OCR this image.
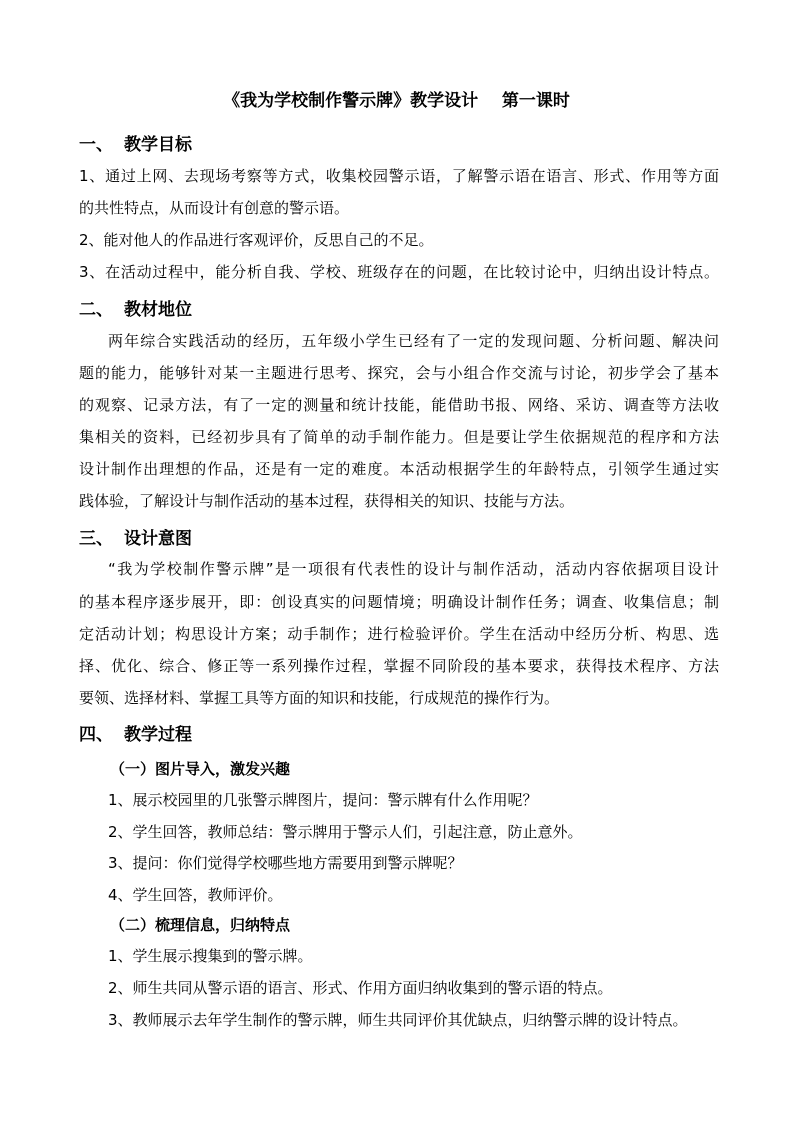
《我为学校制作警示牌》教学设计    第一课时
一、 教学目标
1、通过上网、去现场考察等方式，收集校园警示语，了解警示语在语言、形式、作用等方面
的共性特点，从而设计有创意的警示语。
2、能对他人的作品进行客观评价，反思自己的不足。
3、在活动过程中，能分析自我、学校、班级存在的问题，在比较讨论中，归纳出设计特点。
二、 教材地位
两年综合实践活动的经历，五年级小学生已经有了一定的发现问题、分析问题、解决问
题的能力，能够针对某一主题进行思考、探究，会与小组合作交流与讨论，初步学会了基本
的观察、记录方法，有了一定的测量和统计技能，能借助书报、网络、采访、调查等方法收
集相关的资料，已经初步具有了简单的动手制作能力。但是要让学生依据规范的程序和方法
设计制作出理想的作品，还是有一定的难度。本活动根据学生的年龄特点，引领学生通过实
践体验，了解设计与制作活动的基本过程，获得相关的知识、技能与方法。
三、 设计意图
“我为学校制作警示牌”是一项很有代表性的设计与制作活动，活动内容依据项目设计
的基本程序逐步展开，即：创设真实的问题情境；明确设计制作任务；调查、收集信息；制
定活动计划；构思设计方案；动手制作；进行检验评价。学生在活动中经历分析、构思、选
择、优化、综合、修正等一系列操作过程，掌握不同阶段的基本要求，获得技术程序、方法
要领、选择材料、掌握工具等方面的知识和技能，行成规范的操作行为。
四、 教学过程
（一）图片导入，激发兴趣
1、展示校园里的几张警示牌图片，提问：警示牌有什么作用呢？
2、学生回答，教师总结：警示牌用于警示人们，引起注意，防止意外。
3、提问：你们觉得学校哪些地方需要用到警示牌呢？
4、学生回答，教师评价。
（二）梳理信息，归纳特点
1、学生展示搜集到的警示牌。
2、师生共同从警示语的语言、形式、作用方面归纳收集到的警示语的特点。
3、教师展示去年学生制作的警示牌，师生共同评价其优缺点，归纳警示牌的设计特点。
